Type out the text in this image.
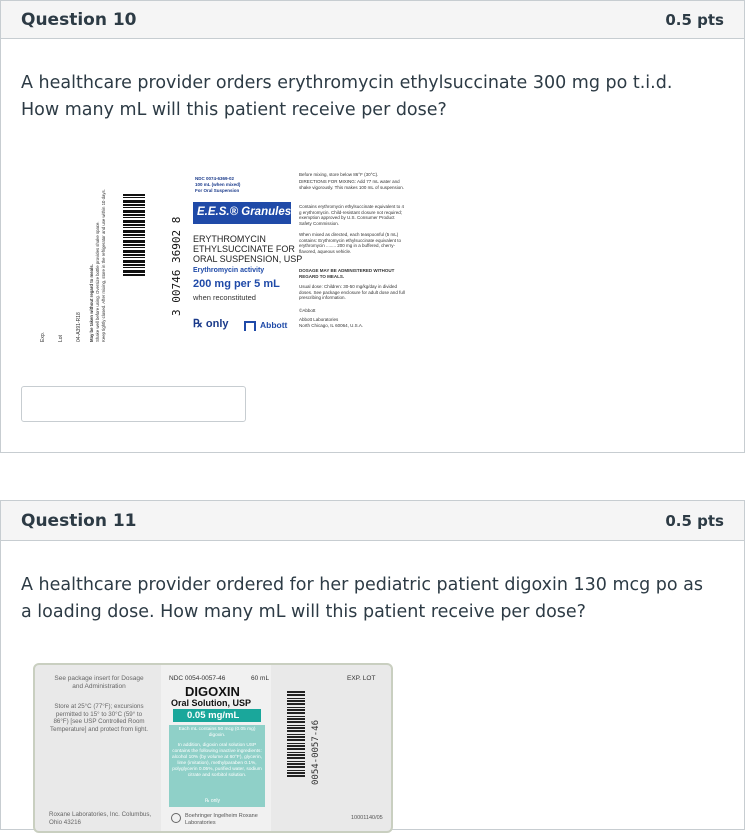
Question 10	0.5 pts
A healthcare provider orders erythromycin ethylsuccinate 300 mg po t.i.d. How many mL will this patient receive per dose?
Exp. Lot 04-A391-R18 May be taken without regard to meals. Shake well before using. Oversize bottle provides shake space. Keep tightly closed. After mixing, store in the refrigerator and use within 10 days.	3 00746 36902 8
NDC 0074-6369-02
100 mL (when mixed)
For Oral Suspension
E.E.S.® Granules
ERYTHROMYCIN
ETHYLSUCCINATE FOR
ORAL SUSPENSION, USP
Erythromycin activity
200 mg per 5 mL
when reconstituted
℞ only	Abbott
Before mixing, store below 86°F (30°C).
DIRECTIONS FOR MIXING: Add 77 mL water and shake vigorously. This makes 100 mL of suspension.
Contains erythromycin ethylsuccinate equivalent to 4 g erythromycin. Child-resistant closure not required; exemption approved by U.S. Consumer Product Safety Commission.
When mixed as directed, each teaspoonful (5 mL) contains: Erythromycin ethylsuccinate equivalent to erythromycin ........ 200 mg in a buffered, cherry-flavored, aqueous vehicle.
DOSAGE MAY BE ADMINISTERED WITHOUT REGARD TO MEALS.
Usual dose: Children: 30-50 mg/kg/day in divided doses. See package enclosure for adult dose and full prescribing information.
©Abbott
Abbott Laboratories
North Chicago, IL 60064, U.S.A.
Question 11	0.5 pts
A healthcare provider ordered for her pediatric patient digoxin 130 mcg po as a loading dose. How many mL will this patient receive per dose?
See package insert for Dosage and Administration
Store at 25°C (77°F); excursions permitted to 15° to 30°C (59° to 86°F) [see USP Controlled Room Temperature] and protect from light.
Roxane Laboratories, Inc. Columbus, Ohio 43216
NDC 0054-0057-46	60 mL
DIGOXIN
Oral Solution, USP
0.05 mg/mL
Each mL contains 50 mcg (0.05 mg) digoxin.
In addition, digoxin oral solution USP contains the following inactive ingredients: alcohol 10% (by volume at 60°F), glycerin, lime (imitation), methylparaben 0.1%, polyglycerin 0.05%, purified water, sodium citrate and sorbitol solution.
℞ only
Boehringer Ingelheim Roxane Laboratories
0054-0057-46
EXP. LOT
10001140/05
